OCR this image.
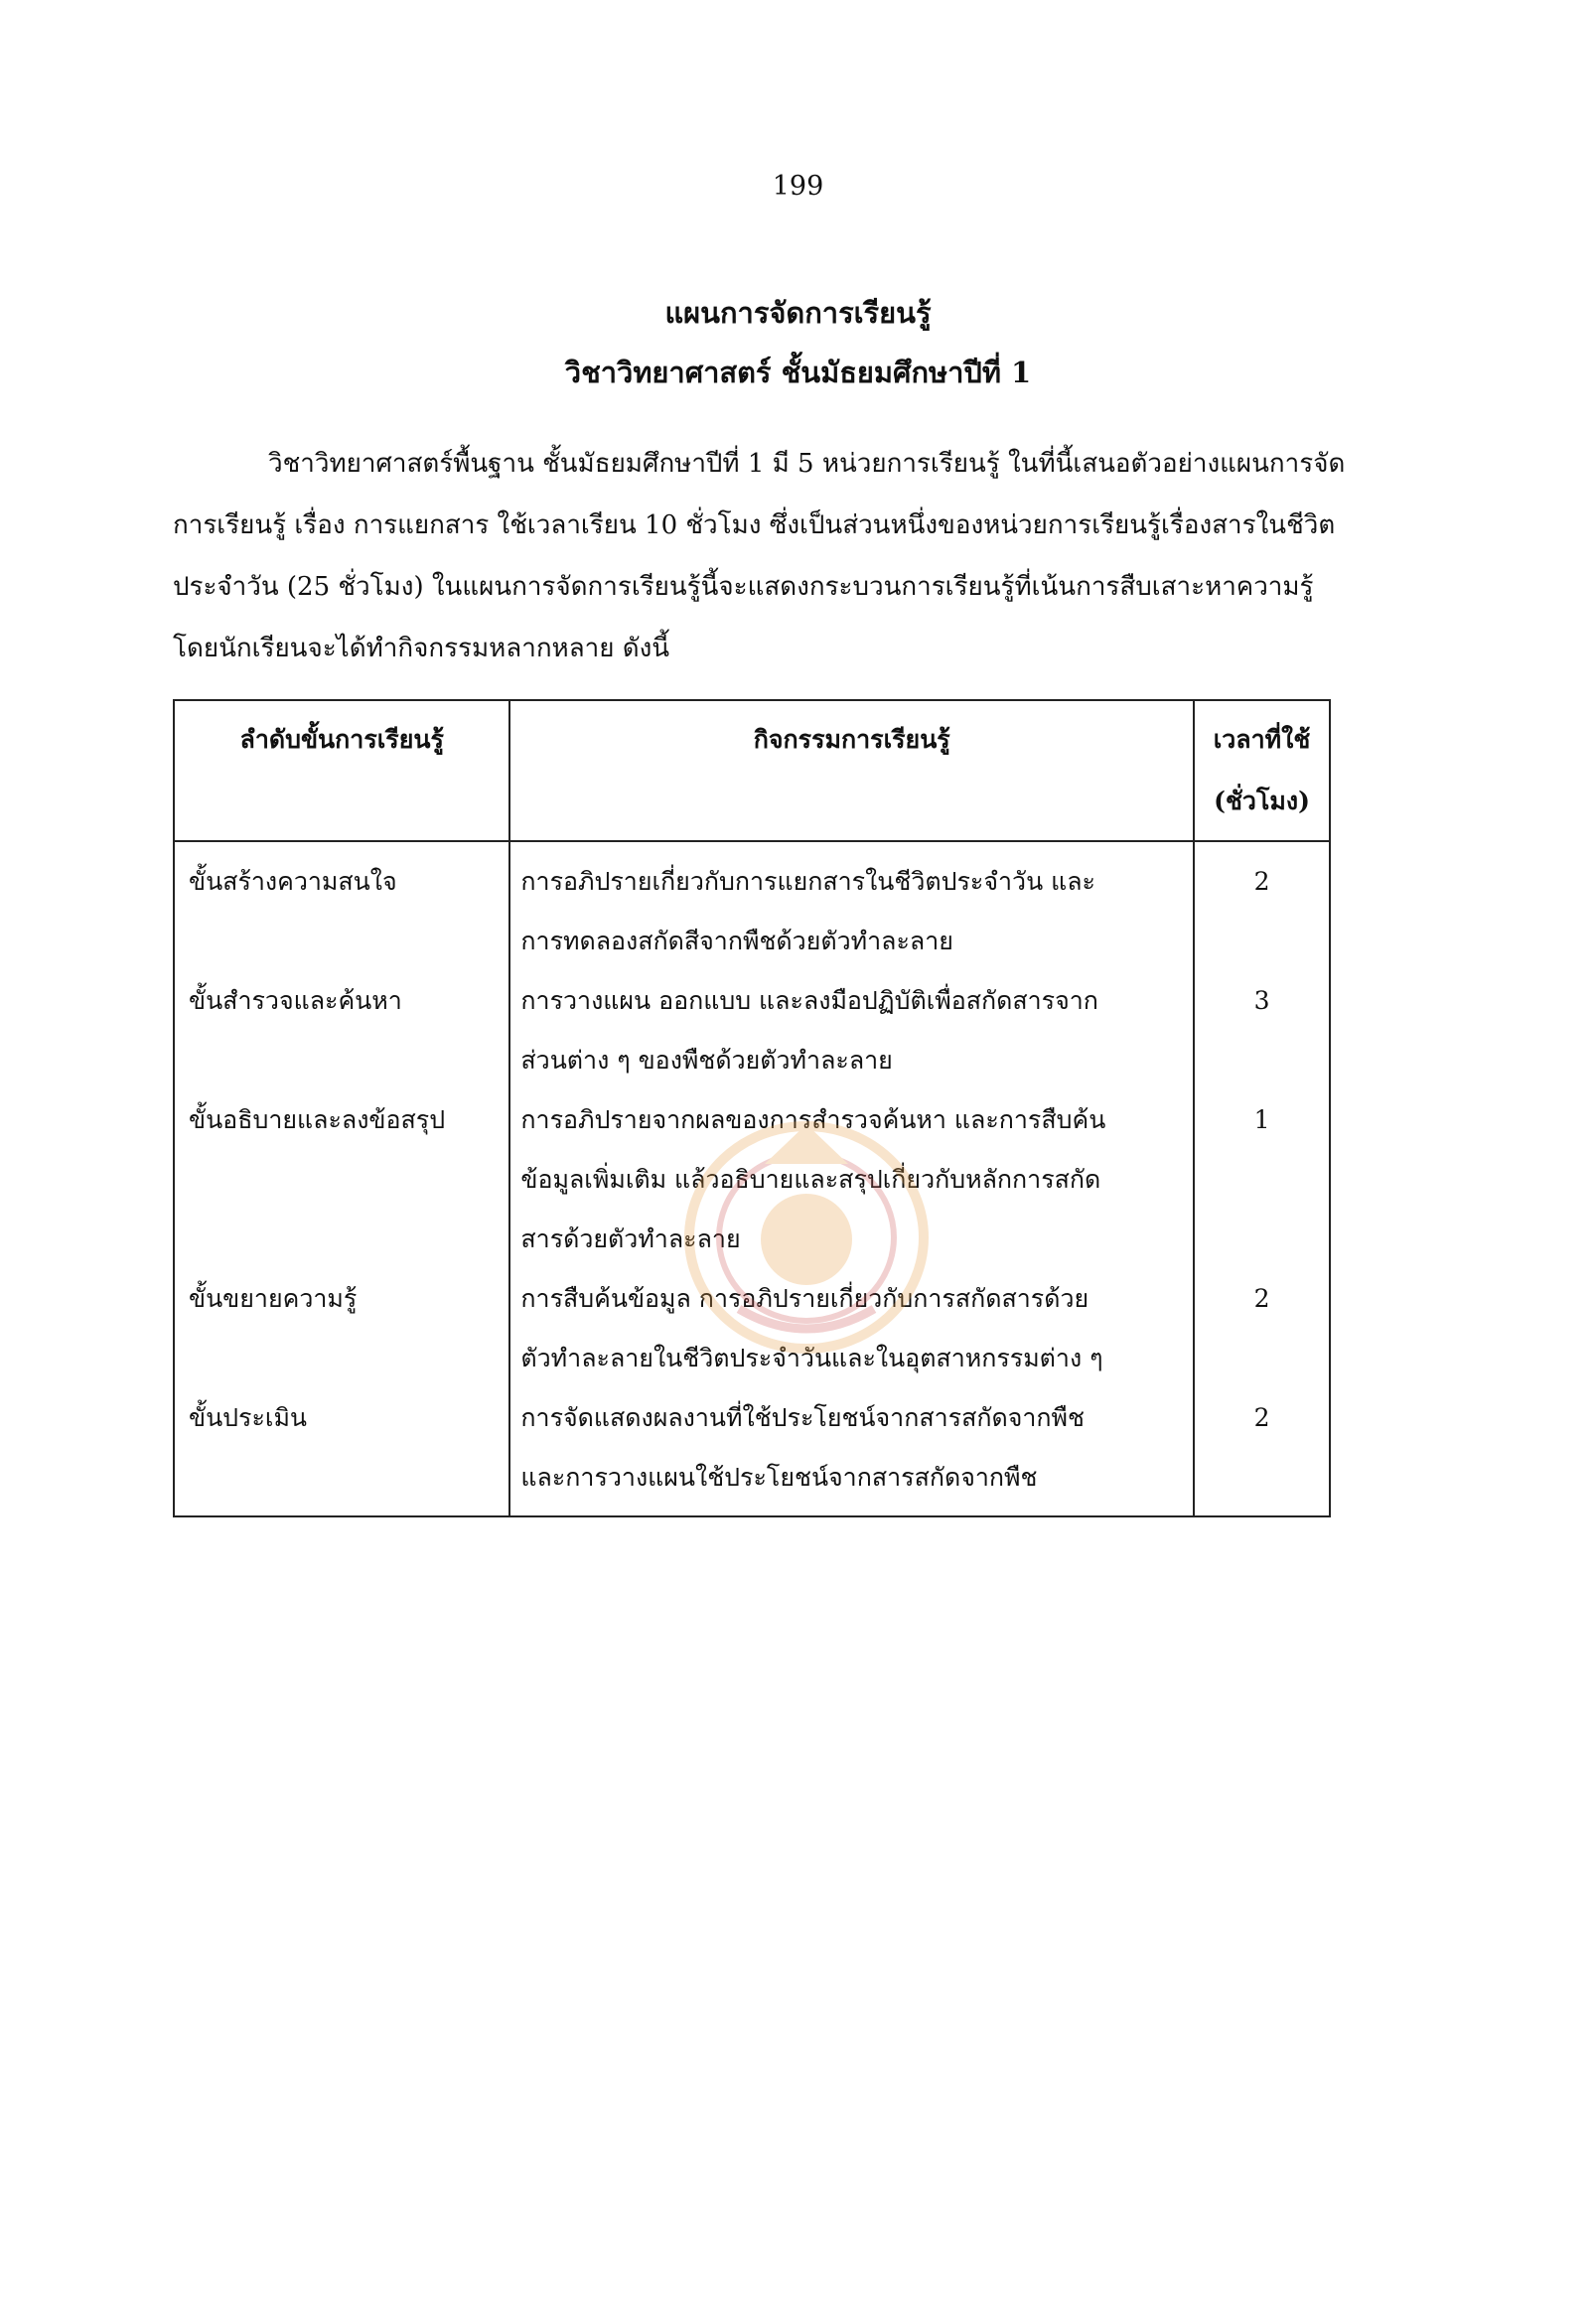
199
แผนการจัดการเรียนรู้
วิชาวิทยาศาสตร์ ชั้นมัธยมศึกษาปีที่ 1

วิชาวิทยาศาสตร์พื้นฐาน ชั้นมัธยมศึกษาปีที่ 1 มี 5 หน่วยการเรียนรู้ ในที่นี้เสนอตัวอย่างแผนการจัด
การเรียนรู้ เรื่อง การแยกสาร ใช้เวลาเรียน 10 ชั่วโมง ซึ่งเป็นส่วนหนึ่งของหน่วยการเรียนรู้เรื่องสารในชีวิต
ประจำวัน (25 ชั่วโมง) ในแผนการจัดการเรียนรู้นี้จะแสดงกระบวนการเรียนรู้ที่เน้นการสืบเสาะหาความรู้
โดยนักเรียนจะได้ทำกิจกรรมหลากหลาย ดังนี้

ลำดับขั้นการเรียนรู้	กิจกรรมการเรียนรู้	เวลาที่ใช้
(ชั่วโมง)
ขั้นสร้างความสนใจ	การอภิปรายเกี่ยวกับการแยกสารในชีวิตประจำวัน และ
การทดลองสกัดสีจากพืชด้วยตัวทำละลาย	2
ขั้นสำรวจและค้นหา	การวางแผน ออกแบบ และลงมือปฏิบัติเพื่อสกัดสารจาก
ส่วนต่าง ๆ ของพืชด้วยตัวทำละลาย	3
ขั้นอธิบายและลงข้อสรุป	การอภิปรายจากผลของการสำรวจค้นหา และการสืบค้น
ข้อมูลเพิ่มเติม แล้วอธิบายและสรุปเกี่ยวกับหลักการสกัด
สารด้วยตัวทำละลาย	1
ขั้นขยายความรู้	การสืบค้นข้อมูล การอภิปรายเกี่ยวกับการสกัดสารด้วย
ตัวทำละลายในชีวิตประจำวันและในอุตสาหกรรมต่าง ๆ	2
ขั้นประเมิน	การจัดแสดงผลงานที่ใช้ประโยชน์จากสารสกัดจากพืช
และการวางแผนใช้ประโยชน์จากสารสกัดจากพืช	2
